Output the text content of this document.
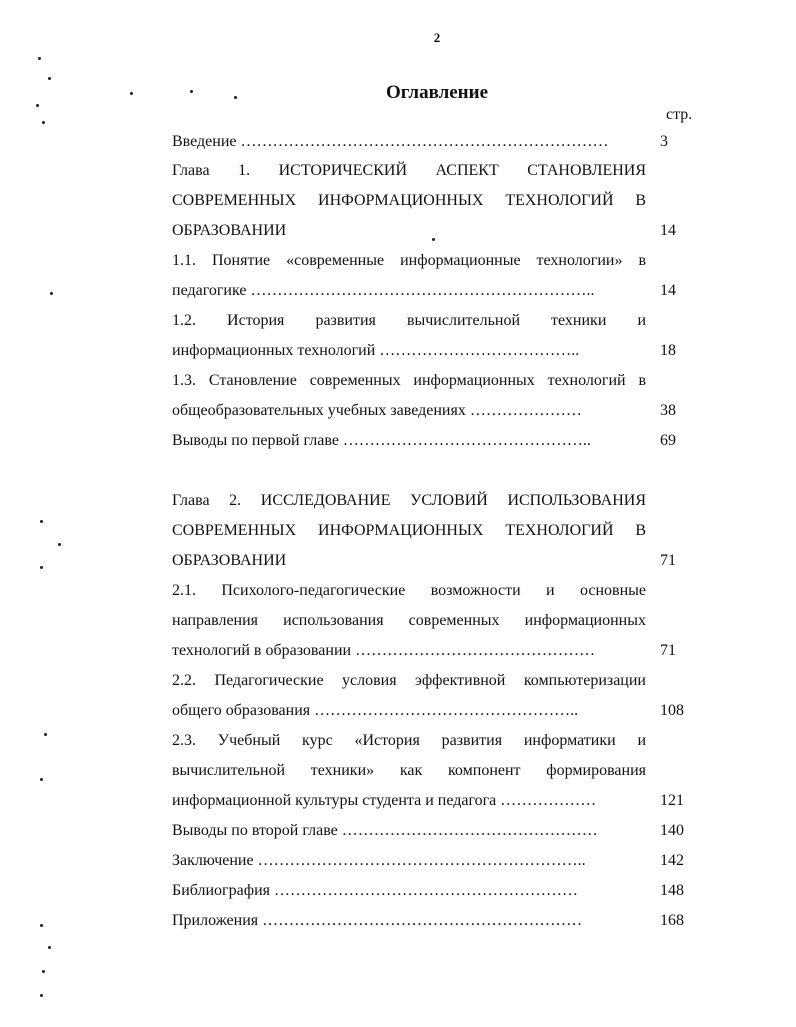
2
Оглавление
стр.
Введение ……………………………………………………………	3
Глава 1. ИСТОРИЧЕСКИЙ АСПЕКТ СТАНОВЛЕНИЯ
СОВРЕМЕННЫХ ИНФОРМАЦИОННЫХ ТЕХНОЛОГИЙ В
ОБРАЗОВАНИИ	14
1.1. Понятие «современные информационные технологии» в
педагогике ………………………………………………………..	14
1.2. История развития вычислительной техники и
информационных технологий ………………………………..	18
1.3. Становление современных информационных технологий в
общеобразовательных учебных заведениях …………………	38
Выводы по первой главе ………………………………………..	69
Глава 2. ИССЛЕДОВАНИЕ УСЛОВИЙ ИСПОЛЬЗОВАНИЯ
СОВРЕМЕННЫХ ИНФОРМАЦИОННЫХ ТЕХНОЛОГИЙ В
ОБРАЗОВАНИИ	71
2.1. Психолого-педагогические возможности и основные
направления использования современных информационных
технологий в образовании ………………………………………	71
2.2. Педагогические условия эффективной компьютеризации
общего образования …………………………………………..	108
2.3. Учебный курс «История развития информатики и
вычислительной техники» как компонент формирования
информационной культуры студента и педагога ………………	121
Выводы по второй главе …………………………………………	140
Заключение ……………………………………………………..	142
Библиография …………………………………………………	148
Приложения ……………………………………………………	168
